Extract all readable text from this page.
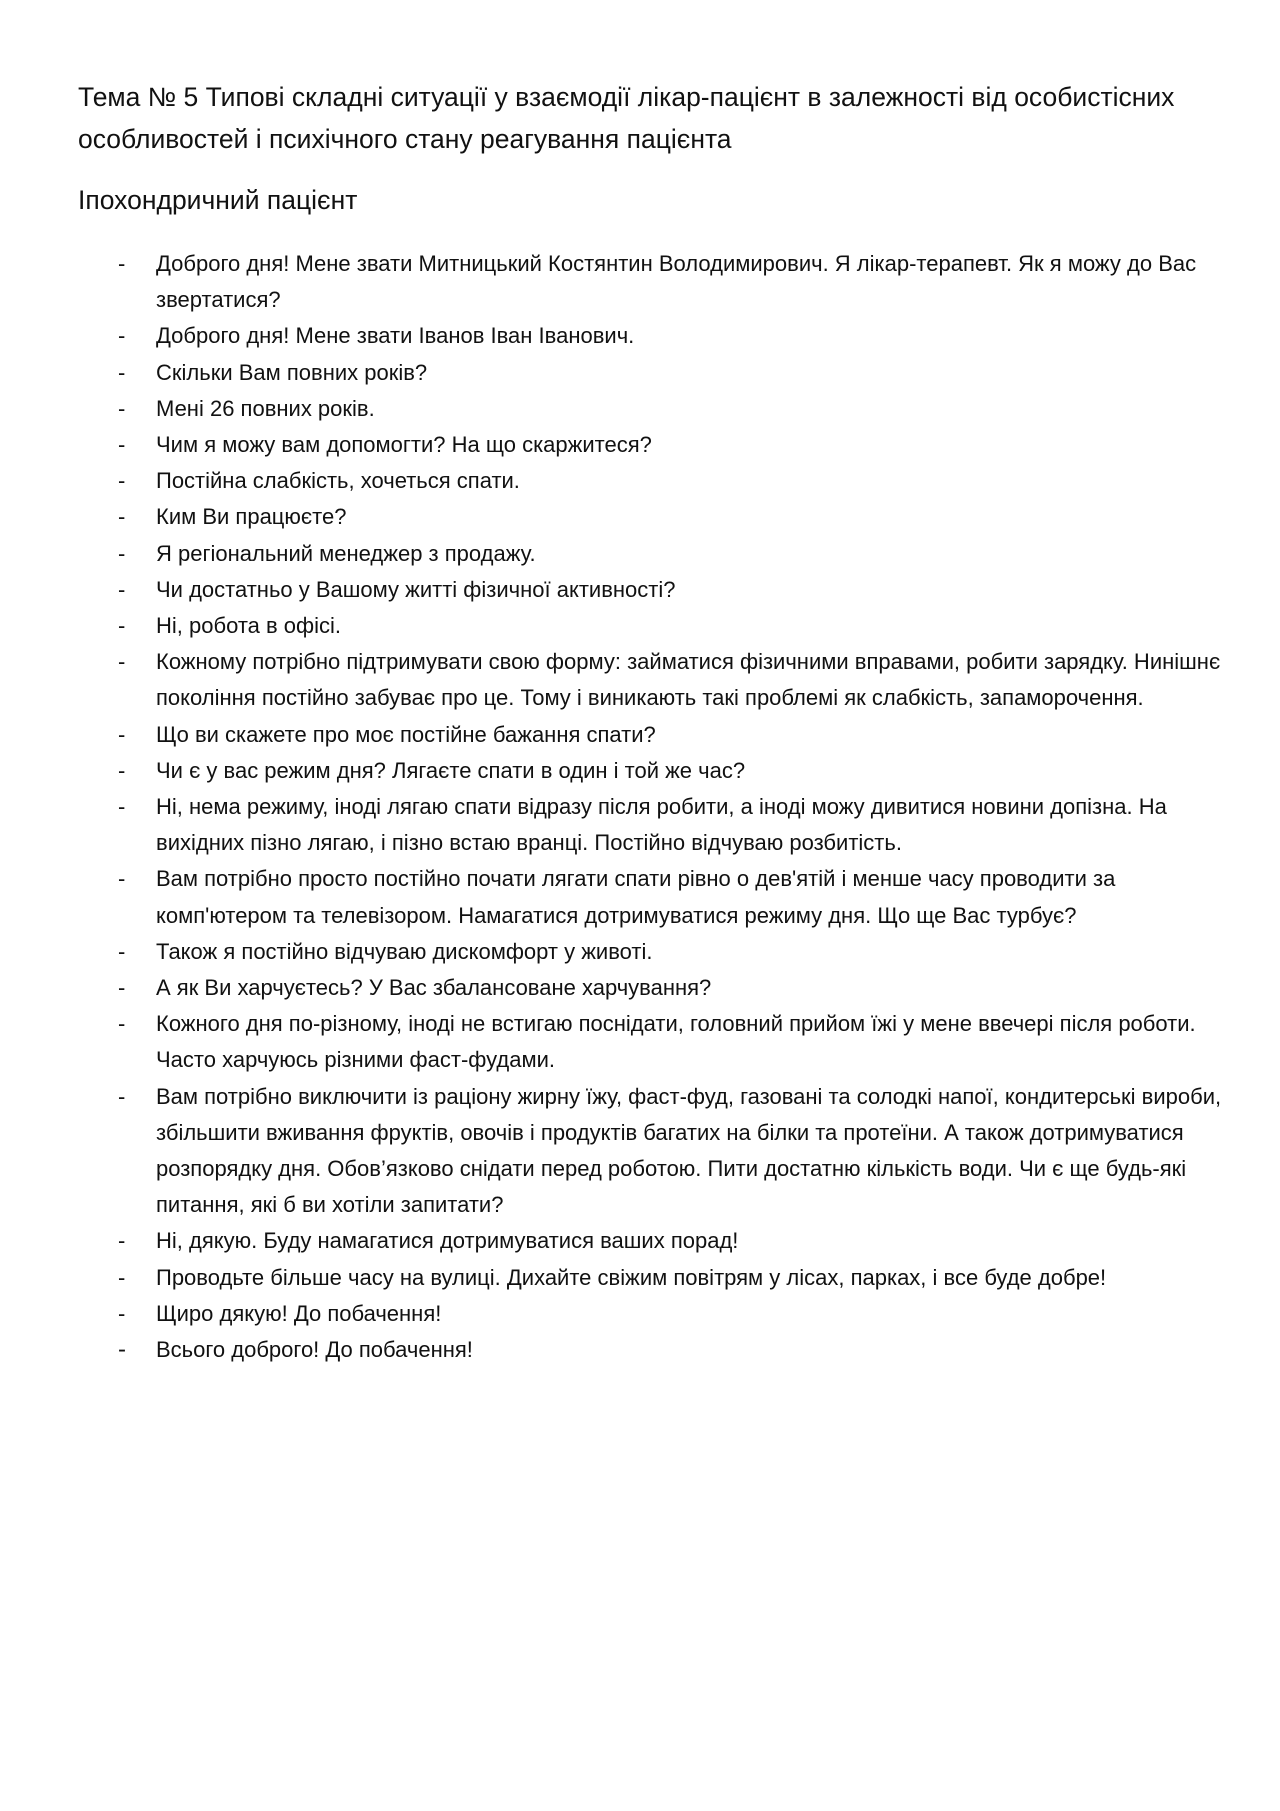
Тема № 5 Типові складні ситуації у взаємодії лікар-пацієнт в залежності від особистісних особливостей і психічного стану реагування пацієнта
Іпохондричний пацієнт
-	Доброго дня! Мене звати Митницький Костянтин Володимирович. Я лікар-терапевт. Як я можу до Вас звертатися?
-	Доброго дня! Мене звати Іванов Іван Іванович.
-	Скільки Вам повних років?
-	Мені 26 повних років.
-	Чим я можу вам допомогти? На що скаржитеся?
-	Постійна слабкість, хочеться спати.
-	Ким Ви працюєте?
-	Я регіональний менеджер з продажу.
-	Чи достатньо у Вашому житті фізичної активності?
-	Ні, робота в офісі.
-	Кожному потрібно підтримувати свою форму: займатися фізичними вправами, робити зарядку. Нинішнє покоління постійно забуває про це. Тому і виникають такі проблемі як слабкість, запаморочення.
-	Що ви скажете про моє постійне бажання спати?
-	Чи є у вас режим дня? Лягаєте спати в один і той же час?
-	Ні, нема режиму, іноді лягаю спати відразу після робити, а іноді можу дивитися новини допізна. На вихідних пізно лягаю, і пізно встаю вранці. Постійно відчуваю розбитість.
-	Вам потрібно просто постійно почати лягати спати рівно о дев'ятій і менше часу проводити за комп'ютером та телевізором. Намагатися дотримуватися режиму дня. Що ще Вас турбує?
-	Також я постійно відчуваю дискомфорт у животі.
-	А як Ви харчуєтесь? У Вас збалансоване харчування?
-	Кожного дня по-різному, іноді не встигаю поснідати, головний прийом їжі у мене ввечері після роботи. Часто харчуюсь різними фаст-фудами.
-	Вам потрібно виключити із раціону жирну їжу, фаст-фуд, газовані та солодкі напої, кондитерські вироби, збільшити вживання фруктів, овочів і продуктів багатих на білки та протеїни. А також дотримуватися розпорядку дня. Обов’язково снідати перед роботою. Пити достатню кількість води. Чи є ще будь-які питання, які б ви хотіли запитати?
-	Ні, дякую. Буду намагатися дотримуватися ваших порад!
-	Проводьте більше часу на вулиці. Дихайте свіжим повітрям у лісах, парках, і все буде добре!
-	Щиро дякую! До побачення!
-	Всього доброго! До побачення!
